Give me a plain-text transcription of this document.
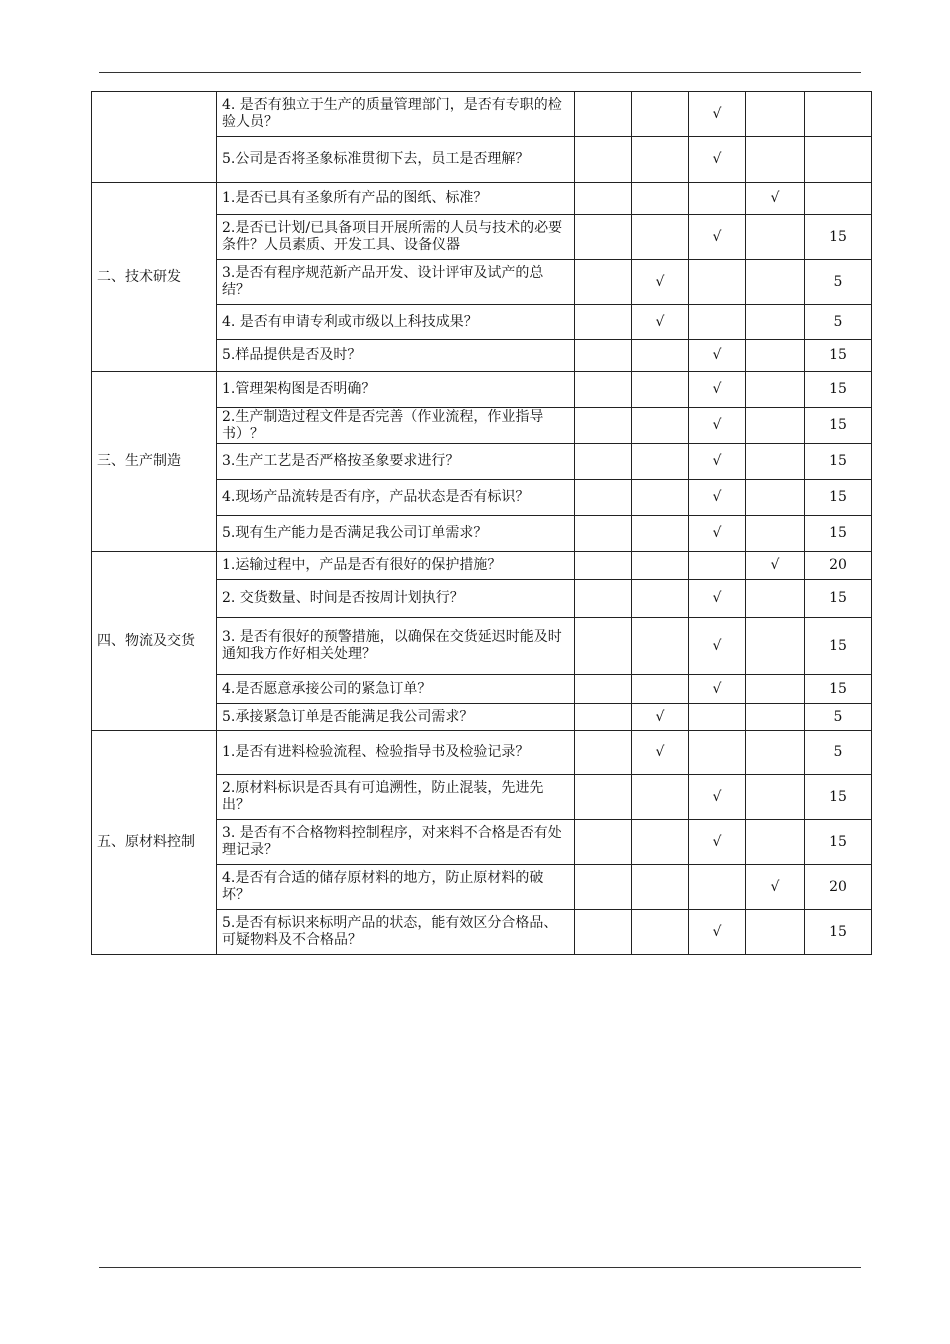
	4. 是否有独立于生产的质量管理部门，是否有专职的检验人员？			√		
	5.公司是否将圣象标准贯彻下去，员工是否理解？			√		
二、技术研发	1.是否已具有圣象所有产品的图纸、标准？				√	
	2.是否已计划/已具备项目开展所需的人员与技术的必要条件？人员素质、开发工具、设备仪器			√		15
	3.是否有程序规范新产品开发、设计评审及试产的总结？		√			5
	4. 是否有申请专利或市级以上科技成果？		√			5
	5.样品提供是否及时？			√		15
三、生产制造	1.管理架构图是否明确？			√		15
	2.生产制造过程文件是否完善（作业流程，作业指导书）？			√		15
	3.生产工艺是否严格按圣象要求进行？			√		15
	4.现场产品流转是否有序，产品状态是否有标识？			√		15
	5.现有生产能力是否满足我公司订单需求？			√		15
四、物流及交货	1.运输过程中，产品是否有很好的保护措施？				√	20
	2. 交货数量、时间是否按周计划执行？			√		15
	3. 是否有很好的预警措施，以确保在交货延迟时能及时通知我方作好相关处理？			√		15
	4.是否愿意承接公司的紧急订单？			√		15
	5.承接紧急订单是否能满足我公司需求？		√			5
五、原材料控制	1.是否有进料检验流程、检验指导书及检验记录？		√			5
	2.原材料标识是否具有可追溯性，防止混装，先进先出？			√		15
	3. 是否有不合格物料控制程序，对来料不合格是否有处理记录？			√		15
	4.是否有合适的储存原材料的地方，防止原材料的破坏？				√	20
	5.是否有标识来标明产品的状态，能有效区分合格品、可疑物料及不合格品？			√		15
